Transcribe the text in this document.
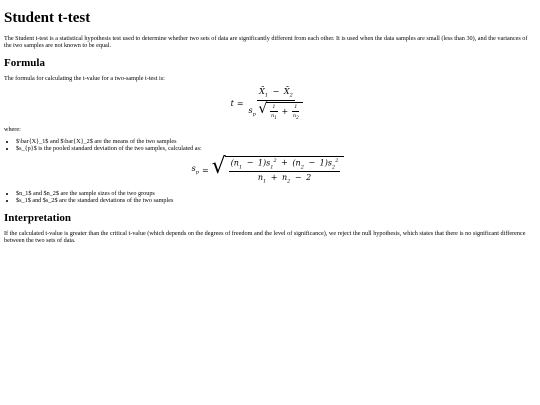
Student t-test

The Student t-test is a statistical hypothesis test used to determine whether two sets of data are significantly different from each other. It is used when the data samples are small (less than 30), and the variances of the two samples are not known to be equal.

Formula

The formula for calculating the t-value for a two-sample t-test is:

t =
$X̄_1$ − $X̄_2$
$s_p$ √ $\frac{1}{n_1} + \frac{1}{n_2}$

where:

• $\bar{X}_1$ and $\bar{X}_2$ are the means of the two samples
• $s_{p}$ is the pooled standard deviation of the two samples, calculated as:
$s_p$ = √ $\frac{(n_1 - 1)s_1^2 + (n_2 - 1)s_2^2}{n_1 + n_2 - 2}$
• $n_1$ and $n_2$ are the sample sizes of the two groups
• $s_1$ and $s_2$ are the standard deviations of the two samples
Interpretation

If the calculated t-value is greater than the critical t-value (which depends on the degrees of freedom and the level of significance), we reject the null hypothesis, which states that there is no significant difference between the two sets of data.
